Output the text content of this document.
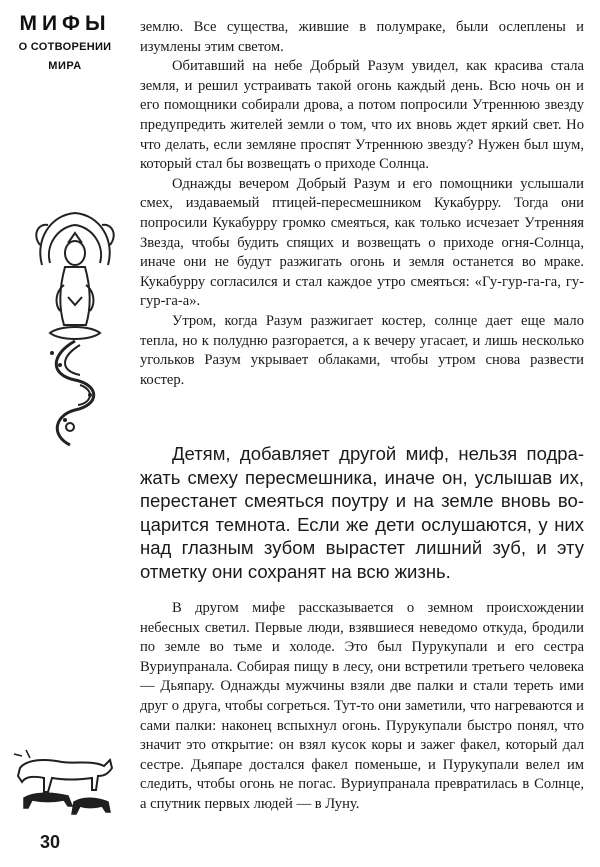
МИФЫ
О СОТВОРЕНИИ
МИРА

землю. Все существа, жившие в полумраке, были ослеплены и изумлены этим светом.

Обитавший на небе Добрый Разум увидел, как красива стала земля, и решил устраивать такой огонь каждый день. Всю ночь он и его помощники собирали дрова, а потом попросили Утреннюю звезду предупредить жителей земли о том, что их вновь ждет яркий свет. Но что делать, если земляне проспят Утреннюю звезду? Нужен был шум, который стал бы возвещать о приходе Солнца.

Однажды вечером Добрый Разум и его помощники услышали смех, издаваемый птицей-пересмешником Кукабурру. Тогда они попросили Кукабурру громко смеяться, как только исчезает Утренняя Звезда, чтобы будить спящих и возвещать о приходе огня-Солнца, иначе они не будут разжигать огонь и земля останется во мраке. Кукабурру согласился и стал каждое утро смеяться: «Гу-гур-га-га, гу-гур-га-а».

Утром, когда Разум разжигает костер, солнце дает еще мало тепла, но к полудню разгорается, а к вечеру угасает, и лишь несколько угольков Разум укрывает облаками, чтобы утром снова развести костер.

Детям, добавляет другой миф, нельзя подражать смеху пересмешника, иначе он, услышав их, перестанет смеяться поутру и на земле вновь воцарится темнота. Если же дети ослушаются, у них над глазным зубом вырастет лишний зуб, и эту отметку они сохранят на всю жизнь.

В другом мифе рассказывается о земном происхождении небесных светил. Первые люди, взявшиеся неведомо откуда, бродили по земле во тьме и холоде. Это был Пурукупали и его сестра Вуриупранала. Собирая пищу в лесу, они встретили третьего человека — Дьяпару. Однажды мужчины взяли две палки и стали тереть ими друг о друга, чтобы согреться. Тут-то они заметили, что нагреваются и сами палки: наконец вспыхнул огонь. Пурукупали быстро понял, что значит это открытие: он взял кусок коры и зажег факел, который дал сестре. Дьяпаре достался факел поменьше, и Пурукупали велел им следить, чтобы огонь не погас. Вуриупранала превратилась в Солнце, а спутник первых людей — в Луну.

30
